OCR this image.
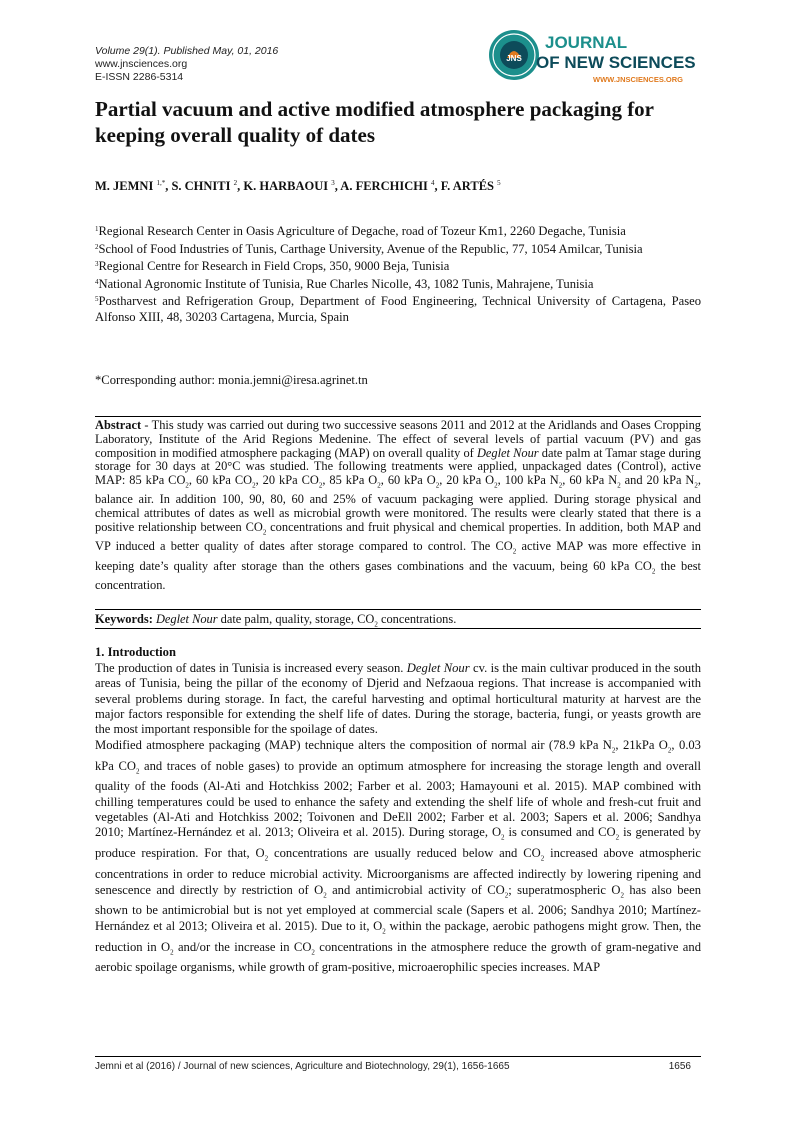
Volume 29(1). Published May, 01, 2016
www.jnsciences.org
E-ISSN 2286-5314
JNS
JOURNAL
OF NEW SCIENCES
WWW.JNSCIENCES.ORG
Partial vacuum and active modified atmosphere packaging for keeping overall quality of dates
M. JEMNI $^{1,*}$, S. CHNITI $^2$, K. HARBAOUI $^3$, A. FERCHICHI $^4$, F. ARTÉS $^5$

$^1$Regional Research Center in Oasis Agriculture of Degache, road of Tozeur Km1, 2260 Degache, Tunisia

$^2$School of Food Industries of Tunis, Carthage University, Avenue of the Republic, 77, 1054 Amilcar, Tunisia

$^3$Regional Centre for Research in Field Crops, 350, 9000 Beja, Tunisia

$^4$National Agronomic Institute of Tunisia, Rue Charles Nicolle, 43, 1082 Tunis, Mahrajene, Tunisia

$^5$Postharvest and Refrigeration Group, Department of Food Engineering, Technical University of Cartagena, Paseo Alfonso XIII, 48, 30203 Cartagena, Murcia, Spain

*Corresponding author: monia.jemni@iresa.agrinet.tn

Abstract - This study was carried out during two successive seasons 2011 and 2012 at the Aridlands and Oases Cropping Laboratory, Institute of the Arid Regions Medenine. The effect of several levels of partial vacuum (PV) and gas composition in modified atmosphere packaging (MAP) on overall quality of Deglet Nour date palm at Tamar stage during storage for 30 days at 20°C was studied. The following treatments were applied, unpackaged dates (Control), active MAP: 85 kPa $CO_2$, 60 kPa $CO_2$, 20 kPa $CO_2$, 85 kPa $O_2$, 60 kPa $O_2$, 20 kPa $O_2$, 100 kPa $N_2$, 60 kPa $N_2$ and 20 kPa $N_2$, balance air. In addition 100, 90, 80, 60 and 25% of vacuum packaging were applied. During storage physical and chemical attributes of dates as well as microbial growth were monitored. The results were clearly stated that there is a positive relationship between $CO_2$ concentrations and fruit physical and chemical properties. In addition, both MAP and VP induced a better quality of dates after storage compared to control. The $CO_2$ active MAP was more effective in keeping date’s quality after storage than the others gases combinations and the vacuum, being 60 kPa $CO_2$ the best concentration.

Keywords: Deglet Nour date palm, quality, storage, $CO_2$ concentrations.
1. Introduction

The production of dates in Tunisia is increased every season. Deglet Nour cv. is the main cultivar produced in the south areas of Tunisia, being the pillar of the economy of Djerid and Nefzaoua regions. That increase is accompanied with several problems during storage. In fact, the careful harvesting and optimal horticultural maturity at harvest are the major factors responsible for extending the shelf life of dates. During the storage, bacteria, fungi, or yeasts growth are the most important responsible for the spoilage of dates.

Modified atmosphere packaging (MAP) technique alters the composition of normal air (78.9 kPa $N_2$, 21kPa $O_2$, 0.03 kPa $CO_2$ and traces of noble gases) to provide an optimum atmosphere for increasing the storage length and overall quality of the foods (Al-Ati and Hotchkiss 2002; Farber et al. 2003; Hamayouni et al. 2015). MAP combined with chilling temperatures could be used to enhance the safety and extending the shelf life of whole and fresh-cut fruit and vegetables (Al-Ati and Hotchkiss 2002; Toivonen and DeEll 2002; Farber et al. 2003; Sapers et al. 2006; Sandhya 2010; Martínez-Hernández et al. 2013; Oliveira et al. 2015). During storage, $O_2$ is consumed and $CO_2$ is generated by produce respiration. For that, $O_2$ concentrations are usually reduced below and $CO_2$ increased above atmospheric concentrations in order to reduce microbial activity. Microorganisms are affected indirectly by lowering ripening and senescence and directly by restriction of $O_2$ and antimicrobial activity of $CO_2$; superatmospheric $O_2$ has also been shown to be antimicrobial but is not yet employed at commercial scale (Sapers et al. 2006; Sandhya 2010; Martínez-Hernández et al 2013; Oliveira et al. 2015). Due to it, $O_2$ within the package, aerobic pathogens might grow. Then, the reduction in $O_2$ and/or the increase in $CO_2$ concentrations in the atmosphere reduce the growth of gram-negative and aerobic spoilage organisms, while growth of gram-positive, microaerophilic species increases. MAP

Jemni et al (2016) / Journal of new sciences, Agriculture and Biotechnology, 29(1), 1656-1665	1656
